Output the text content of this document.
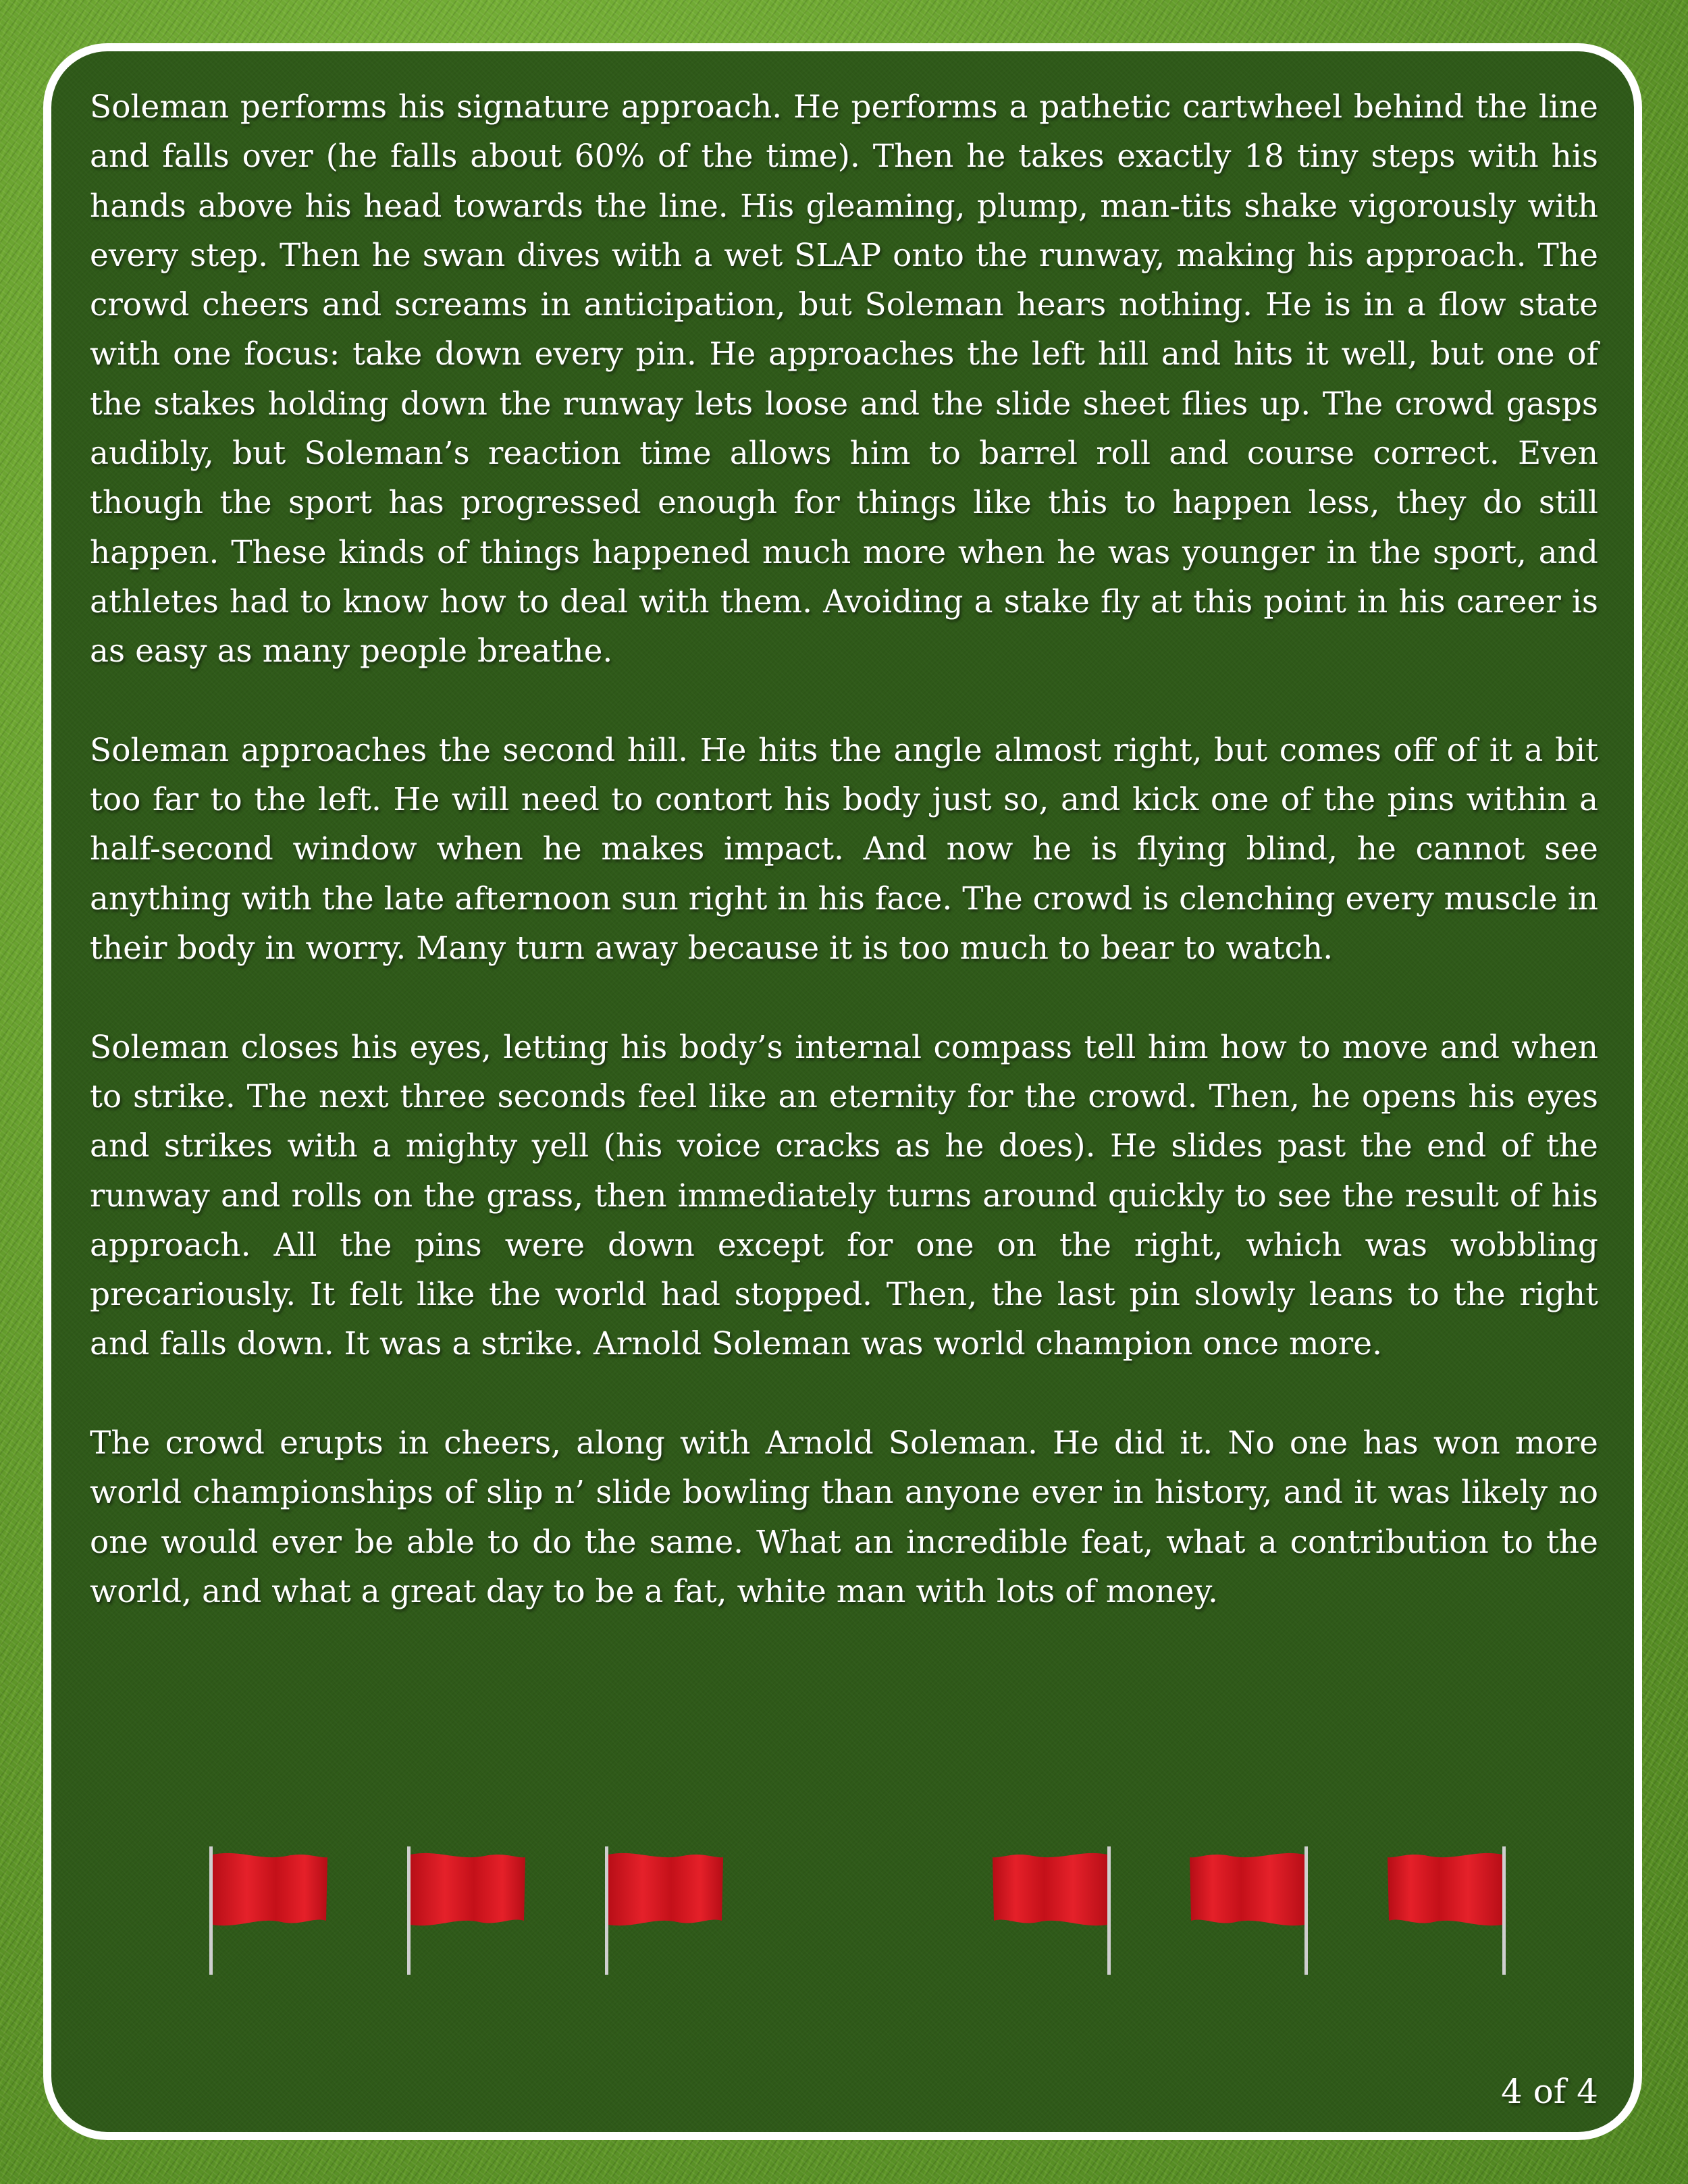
Soleman performs his signature approach. He performs a pathetic cartwheel behind the line and falls over (he falls about 60% of the time). Then he takes exactly 18 tiny steps with his hands above his head towards the line. His gleaming, plump, man-tits shake vigorously with every step. Then he swan dives with a wet SLAP onto the runway, making his approach. The crowd cheers and screams in anticipation, but Soleman hears nothing. He is in a flow state with one focus: take down every pin. He approaches the left hill and hits it well, but one of the stakes holding down the runway lets loose and the slide sheet flies up. The crowd gasps audibly, but Soleman’s reaction time allows him to barrel roll and course correct. Even though the sport has progressed enough for things like this to happen less, they do still happen. These kinds of things happened much more when he was younger in the sport, and athletes had to know how to deal with them. Avoiding a stake fly at this point in his career is as easy as many people breathe.

Soleman approaches the second hill. He hits the angle almost right, but comes off of it a bit too far to the left. He will need to contort his body just so, and kick one of the pins within a half-second window when he makes impact. And now he is flying blind, he cannot see anything with the late afternoon sun right in his face. The crowd is clenching every muscle in their body in worry. Many turn away because it is too much to bear to watch.

Soleman closes his eyes, letting his body’s internal compass tell him how to move and when to strike. The next three seconds feel like an eternity for the crowd. Then, he opens his eyes and strikes with a mighty yell (his voice cracks as he does). He slides past the end of the runway and rolls on the grass, then immediately turns around quickly to see the result of his approach. All the pins were down except for one on the right, which was wobbling precariously. It felt like the world had stopped. Then, the last pin slowly leans to the right and falls down. It was a strike. Arnold Soleman was world champion once more.

The crowd erupts in cheers, along with Arnold Soleman. He did it. No one has won more world championships of slip n’ slide bowling than anyone ever in history, and it was likely no one would ever be able to do the same. What an incredible feat, what a contribution to the world, and what a great day to be a fat, white man with lots of money.

4 of 4
